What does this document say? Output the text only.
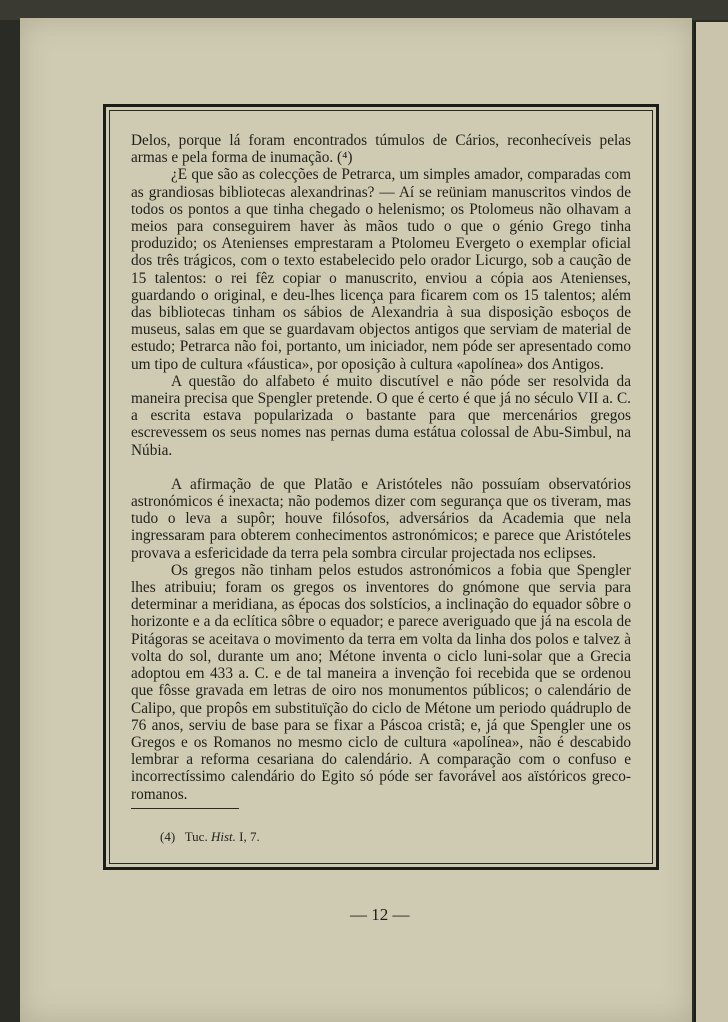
Delos, porque lá foram encontrados túmulos de Cários, reconhecíveis pelas armas e pela forma de inumação. (⁴)

¿E que são as colecções de Petrarca, um simples amador, comparadas com as grandiosas bibliotecas alexandrinas? — Aí se reüniam manuscritos vindos de todos os pontos a que tinha chegado o helenismo; os Ptolomeus não olhavam a meios para conseguirem haver às mãos tudo o que o génio Grego tinha produzido; os Atenienses emprestaram a Ptolomeu Evergeto o exemplar oficial dos três trágicos, com o texto estabelecido pelo orador Licurgo, sob a caução de 15 talentos: o rei fêz copiar o manuscrito, enviou a cópia aos Atenienses, guardando o original, e deu-lhes licença para ficarem com os 15 talentos; além das bibliotecas tinham os sábios de Alexandria à sua disposição esboços de museus, salas em que se guardavam objectos antigos que serviam de material de estudo; Petrarca não foi, portanto, um iniciador, nem póde ser apresentado como um tipo de cultura «fáustica», por oposição à cultura «apolínea» dos Antigos.

A questão do alfabeto é muito discutível e não póde ser resolvida da maneira precisa que Spengler pretende. O que é certo é que já no século VII a. C. a escrita estava popularizada o bastante para que mercenários gregos escrevessem os seus nomes nas pernas duma estátua colossal de Abu-Simbul, na Núbia.

A afirmação de que Platão e Aristóteles não possuíam observatórios astronómicos é inexacta; não podemos dizer com segurança que os tiveram, mas tudo o leva a supôr; houve filósofos, adversários da Academia que nela ingressaram para obterem conhecimentos astronómicos; e parece que Aristóteles provava a esfericidade da terra pela sombra circular projectada nos eclipses.

Os gregos não tinham pelos estudos astronómicos a fobia que Spengler lhes atribuiu; foram os gregos os inventores do gnómone que servia para determinar a meridiana, as épocas dos solstícios, a inclinação do equador sôbre o horizonte e a da eclítica sôbre o equador; e parece averiguado que já na escola de Pitágoras se aceitava o movimento da terra em volta da linha dos polos e talvez à volta do sol, durante um ano; Métone inventa o ciclo luni-solar que a Grecia adoptou em 433 a. C. e de tal maneira a invenção foi recebida que se ordenou que fôsse gravada em letras de oiro nos monumentos públicos; o calendário de Calipo, que propôs em substituïção do ciclo de Métone um periodo quádruplo de 76 anos, serviu de base para se fixar a Páscoa cristã; e, já que Spengler une os Gregos e os Romanos no mesmo ciclo de cultura «apolínea», não é descabido lembrar a reforma cesariana do calendário. A comparação com o confuso e incorrectíssimo calendário do Egito só póde ser favorável aos aïstóricos greco-romanos.

(4) Tuc. Hist. I, 7.
— 12 —
